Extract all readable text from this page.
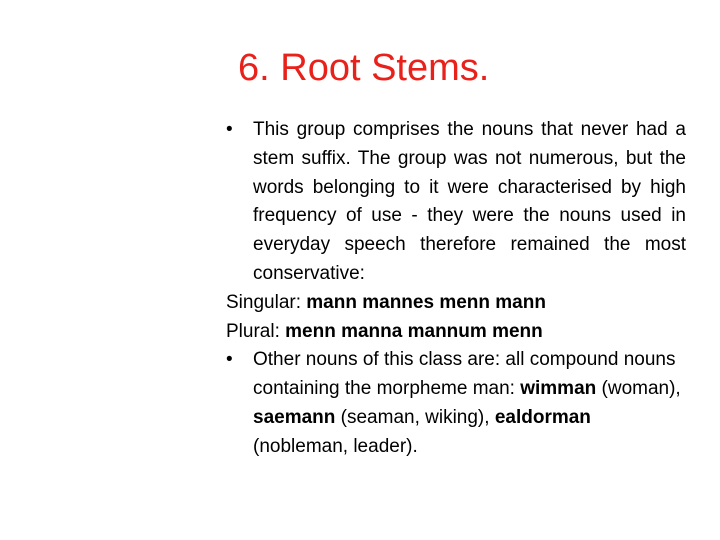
6. Root Stems.
• This group comprises the nouns that never had a stem suffix. The group was not numerous, but the words belonging to it were characterised by high frequency of use - they were the nouns used in everyday speech therefore remained the most conservative:
Singular: mann mannes menn mann
Plural: menn manna mannum menn
• Other nouns of this class are: all compound nouns containing the morpheme man: wimman (woman), saemann (seaman, wiking), ealdorman (nobleman, leader).
